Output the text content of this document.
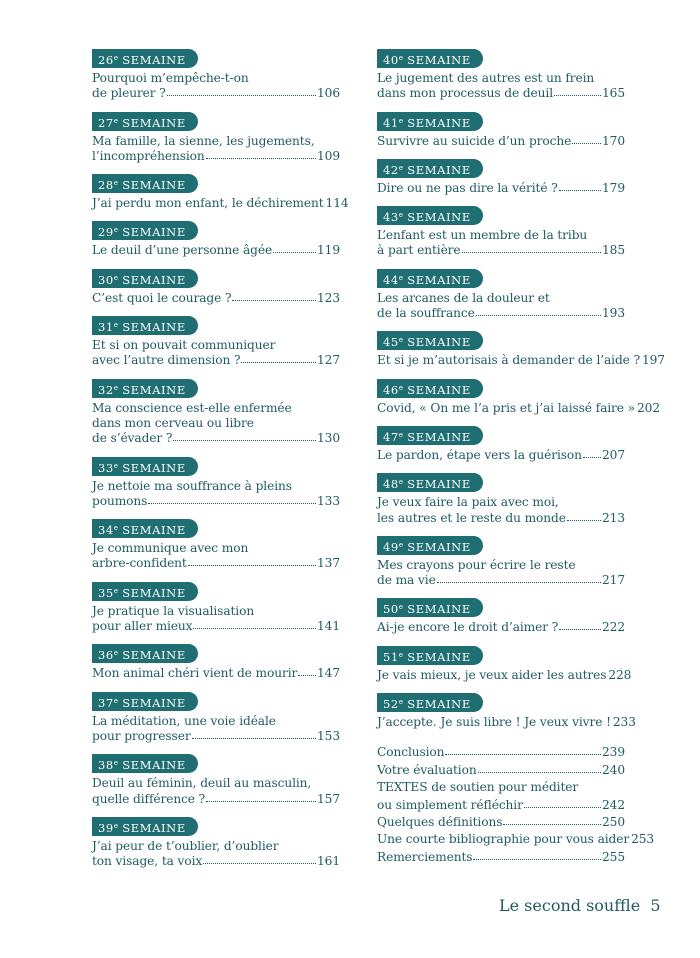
26e SEMAINE
Pourquoi m’empêche-t-on
de pleurer ?	106
27e SEMAINE
Ma famille, la sienne, les jugements,
l’incompréhension	109
28e SEMAINE
J’ai perdu mon enfant, le déchirement 114
29e SEMAINE
Le deuil d’une personne âgée	119
30e SEMAINE
C’est quoi le courage ?	123
31e SEMAINE
Et si on pouvait communiquer
avec l’autre dimension ?	127
32e SEMAINE
Ma conscience est-elle enfermée
dans mon cerveau ou libre
de s’évader ?	130
33e SEMAINE
Je nettoie ma souffrance à pleins
poumons	133
34e SEMAINE
Je communique avec mon
arbre-confident	137
35e SEMAINE
Je pratique la visualisation
pour aller mieux	141
36e SEMAINE
Mon animal chéri vient de mourir 147
37e SEMAINE
La méditation, une voie idéale
pour progresser	153
38e SEMAINE
Deuil au féminin, deuil au masculin,
quelle différence ?	157
39e SEMAINE
J’ai peur de t’oublier, d’oublier
ton visage, ta voix	161
40e SEMAINE
Le jugement des autres est un frein
dans mon processus de deuil	165
41e SEMAINE
Survivre au suicide d’un proche	170
42e SEMAINE
Dire ou ne pas dire la vérité ?	179
43e SEMAINE
L’enfant est un membre de la tribu
à part entière	185
44e SEMAINE
Les arcanes de la douleur et
de la souffrance	193
45e SEMAINE
Et si je m’autorisais à demander de l’aide ? 197
46e SEMAINE
Covid, « On me l’a pris et j’ai laissé faire » 202
47e SEMAINE
Le pardon, étape vers la guérison 207
48e SEMAINE
Je veux faire la paix avec moi,
les autres et le reste du monde	213
49e SEMAINE
Mes crayons pour écrire le reste
de ma vie	217
50e SEMAINE
Ai-je encore le droit d’aimer ?	222
51e SEMAINE
Je vais mieux, je veux aider les autres 228
52e SEMAINE
J’accepte. Je suis libre ! Je veux vivre ! 233
Conclusion	239
Votre évaluation	240
TEXTES de soutien pour méditer
ou simplement réfléchir	242
Quelques définitions	250
Une courte bibliographie pour vous aider 253
Remerciements	255
Le second souffle 5
